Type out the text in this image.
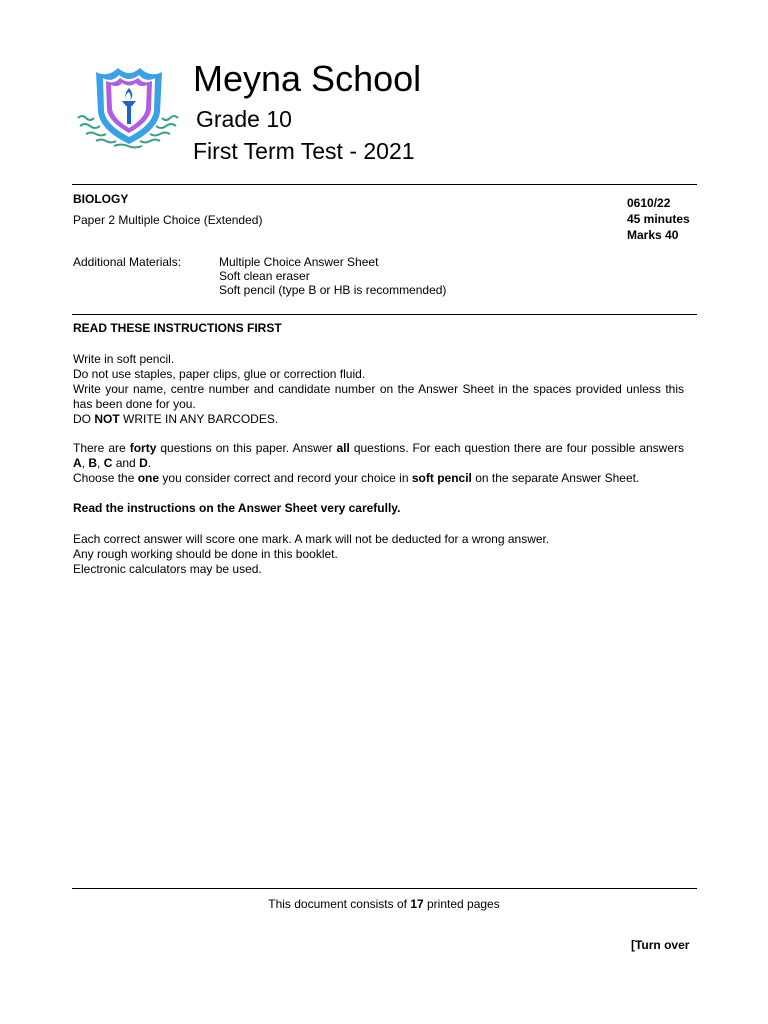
Meyna School
Grade 10
First Term Test - 2021
BIOLOGY
Paper 2 Multiple Choice (Extended)
0610/22
45 minutes
Marks 40
Additional Materials:	Multiple Choice Answer Sheet
Soft clean eraser
Soft pencil (type B or HB is recommended)
READ THESE INSTRUCTIONS FIRST
Write in soft pencil.
Do not use staples, paper clips, glue or correction fluid.
Write your name, centre number and candidate number on the Answer Sheet in the spaces provided unless this has been done for you.
DO NOT WRITE IN ANY BARCODES.
There are forty questions on this paper. Answer all questions. For each question there are four possible answers A, B, C and D.
Choose the one you consider correct and record your choice in soft pencil on the separate Answer Sheet.
Read the instructions on the Answer Sheet very carefully.
Each correct answer will score one mark. A mark will not be deducted for a wrong answer.
Any rough working should be done in this booklet.
Electronic calculators may be used.
This document consists of 17 printed pages
[Turn over
